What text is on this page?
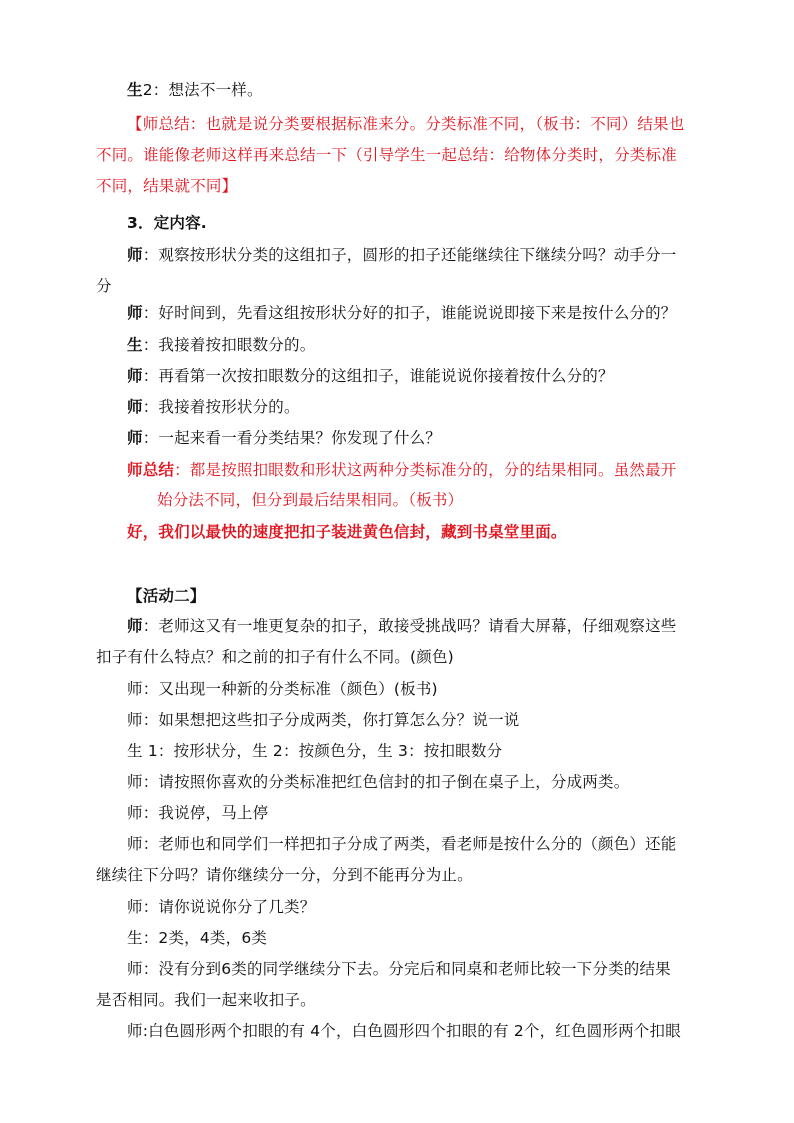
生2：想法不一样。
【师总结：也就是说分类要根据标准来分。分类标准不同，（板书：不同）结果也
不同。谁能像老师这样再来总结一下（引导学生一起总结：给物体分类时，分类标准
不同，结果就不同】
3．定内容.
师：观察按形状分类的这组扣子，圆形的扣子还能继续往下继续分吗？动手分一
分
师：好时间到，先看这组按形状分好的扣子，谁能说说即接下来是按什么分的？
生：我接着按扣眼数分的。
师：再看第一次按扣眼数分的这组扣子，谁能说说你接着按什么分的？
师：我接着按形状分的。
师：一起来看一看分类结果？你发现了什么？
师总结：都是按照扣眼数和形状这两种分类标准分的，分的结果相同。虽然最开
始分法不同，但分到最后结果相同。（板书）
好，我们以最快的速度把扣子装进黄色信封，藏到书桌堂里面。
【活动二】
师：老师这又有一堆更复杂的扣子，敢接受挑战吗？请看大屏幕，仔细观察这些
扣子有什么特点？和之前的扣子有什么不同。(颜色)
师：又出现一种新的分类标准（颜色）(板书)
师：如果想把这些扣子分成两类，你打算怎么分？说一说
生 1：按形状分，生 2：按颜色分，生 3：按扣眼数分
师：请按照你喜欢的分类标准把红色信封的扣子倒在桌子上，分成两类。
师：我说停，马上停
师：老师也和同学们一样把扣子分成了两类，看老师是按什么分的（颜色）还能
继续往下分吗？请你继续分一分，分到不能再分为止。
师：请你说说你分了几类？
生：2类，4类，6类
师：没有分到6类的同学继续分下去。分完后和同桌和老师比较一下分类的结果
是否相同。我们一起来收扣子。
师:白色圆形两个扣眼的有 4个，白色圆形四个扣眼的有 2个，红色圆形两个扣眼
